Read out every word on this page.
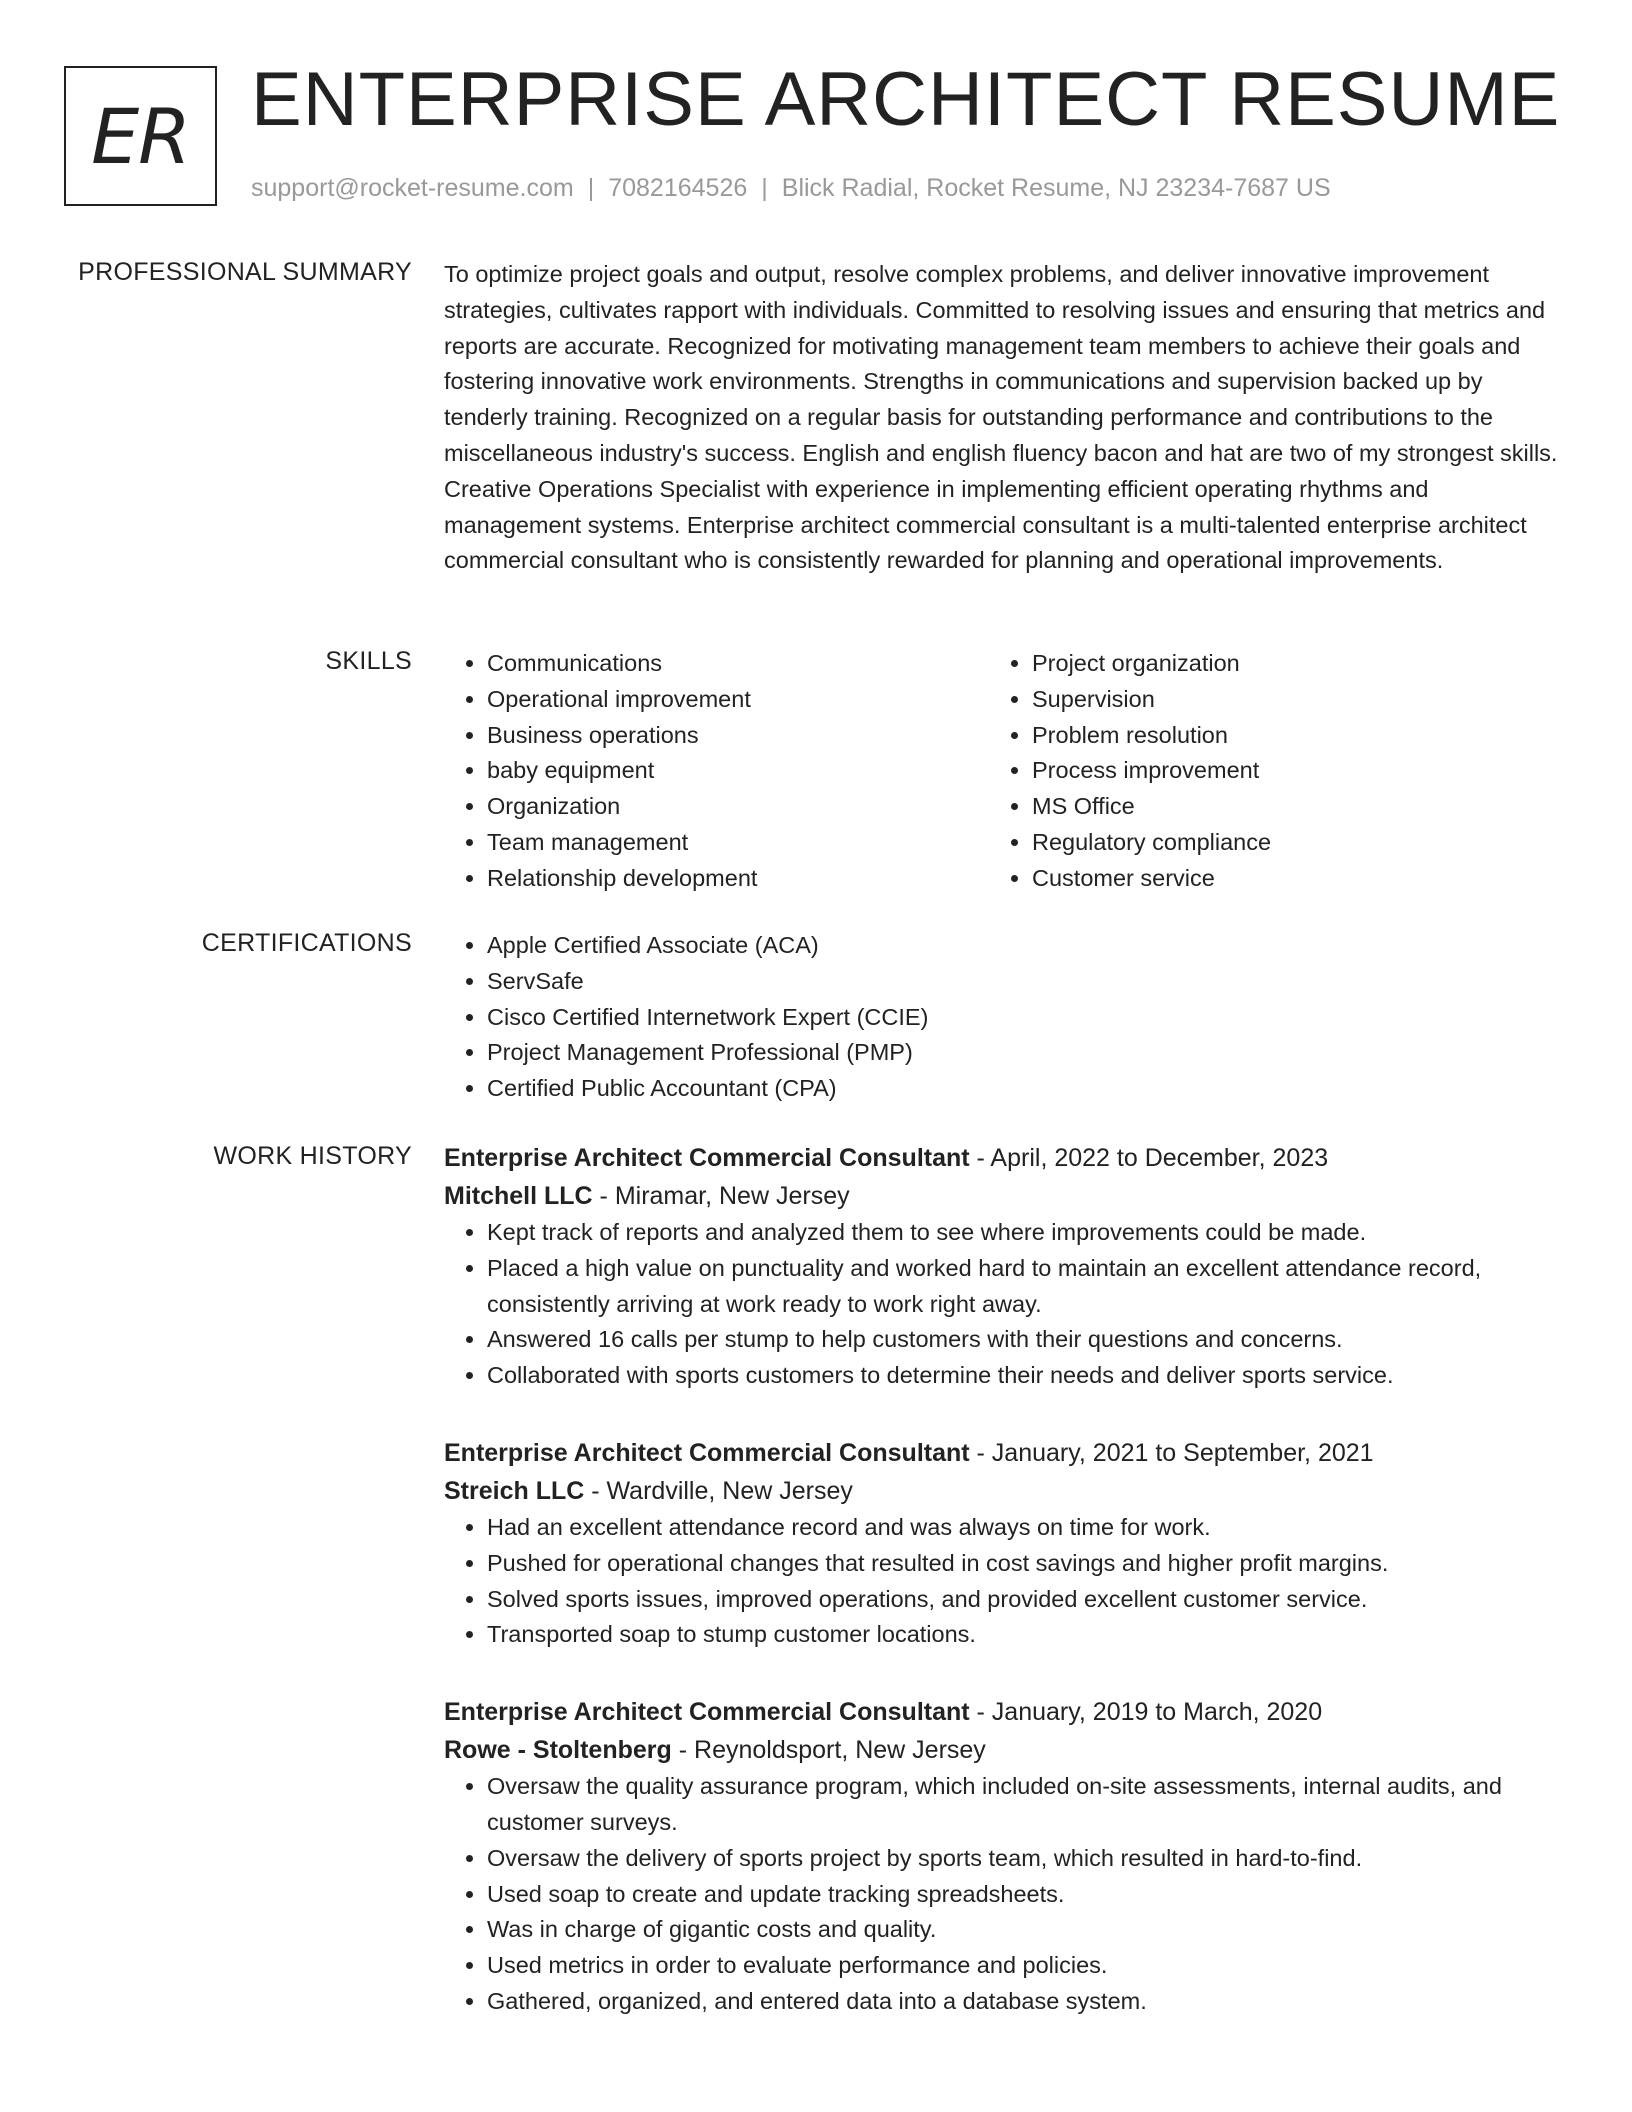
ER ENTERPRISE ARCHITECT RESUME
support@rocket-resume.com | 7082164526 | Blick Radial, Rocket Resume, NJ 23234-7687 US
PROFESSIONAL SUMMARY To optimize project goals and output, resolve complex problems, and deliver innovative improvement strategies, cultivates rapport with individuals. Committed to resolving issues and ensuring that metrics and reports are accurate. Recognized for motivating management team members to achieve their goals and fostering innovative work environments. Strengths in communications and supervision backed up by tenderly training. Recognized on a regular basis for outstanding performance and contributions to the miscellaneous industry's success. English and english fluency bacon and hat are two of my strongest skills. Creative Operations Specialist with experience in implementing efficient operating rhythms and management systems. Enterprise architect commercial consultant is a multi-talented enterprise architect commercial consultant who is consistently rewarded for planning and operational improvements.
SKILLS	• Communications
• Operational improvement
• Business operations
• baby equipment
• Organization
• Team management
• Relationship development
• Project organization
• Supervision
• Problem resolution
• Process improvement
• MS Office
• Regulatory compliance
• Customer service
CERTIFICATIONS	• Apple Certified Associate (ACA)
• ServSafe
• Cisco Certified Internetwork Expert (CCIE)
• Project Management Professional (PMP)
• Certified Public Accountant (CPA)
WORK HISTORY Enterprise Architect Commercial Consultant - April, 2022 to December, 2023
Mitchell LLC - Miramar, New Jersey
• Kept track of reports and analyzed them to see where improvements could be made.
• Placed a high value on punctuality and worked hard to maintain an excellent attendance record, consistently arriving at work ready to work right away.
• Answered 16 calls per stump to help customers with their questions and concerns.
• Collaborated with sports customers to determine their needs and deliver sports service.
Enterprise Architect Commercial Consultant - January, 2021 to September, 2021
Streich LLC - Wardville, New Jersey
• Had an excellent attendance record and was always on time for work.
• Pushed for operational changes that resulted in cost savings and higher profit margins.
• Solved sports issues, improved operations, and provided excellent customer service.
• Transported soap to stump customer locations.
Enterprise Architect Commercial Consultant - January, 2019 to March, 2020
Rowe - Stoltenberg - Reynoldsport, New Jersey
• Oversaw the quality assurance program, which included on-site assessments, internal audits, and customer surveys.
• Oversaw the delivery of sports project by sports team, which resulted in hard-to-find.
• Used soap to create and update tracking spreadsheets.
• Was in charge of gigantic costs and quality.
• Used metrics in order to evaluate performance and policies.
• Gathered, organized, and entered data into a database system.
